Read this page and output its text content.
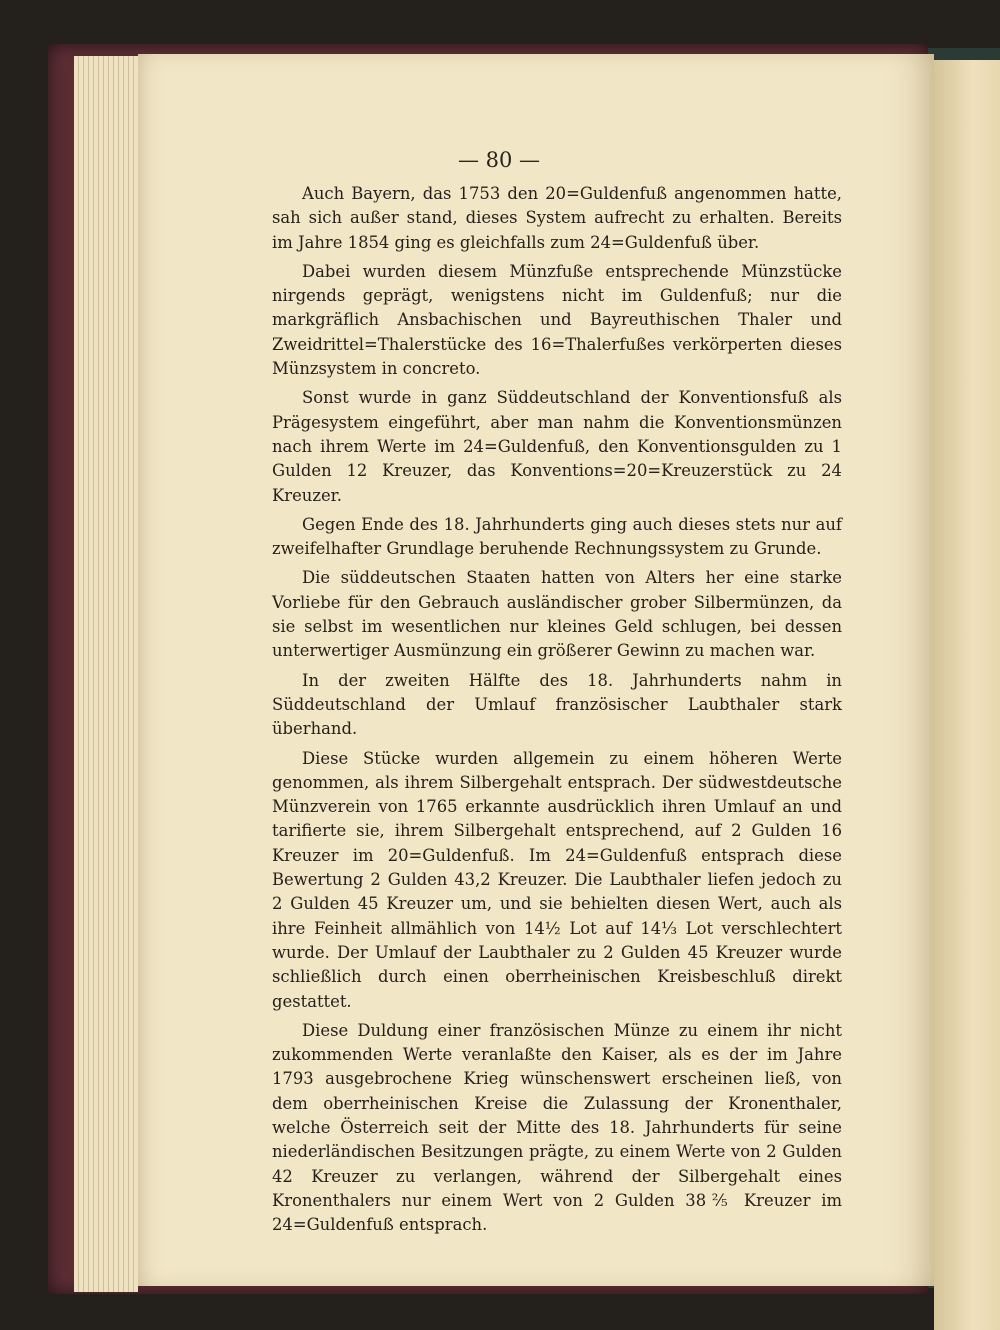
— 80 —

Auch Bayern, das 1753 den 20=Guldenfuß angenommen hatte, sah sich außer stand, dieses System aufrecht zu erhalten. Bereits im Jahre 1854 ging es gleichfalls zum 24=Guldenfuß über.

Dabei wurden diesem Münzfuße entsprechende Münzstücke nirgends geprägt, wenigstens nicht im Guldenfuß; nur die markgräflich Ansbachischen und Bayreuthischen Thaler und Zweidrittel=Thalerstücke des 16=Thalerfußes verkörperten dieses Münzsystem in concreto.

Sonst wurde in ganz Süddeutschland der Konventionsfuß als Prägesystem eingeführt, aber man nahm die Konventionsmünzen nach ihrem Werte im 24=Guldenfuß, den Konventionsgulden zu 1 Gulden 12 Kreuzer, das Konventions=20=Kreuzerstück zu 24 Kreuzer.

Gegen Ende des 18. Jahrhunderts ging auch dieses stets nur auf zweifelhafter Grundlage beruhende Rechnungssystem zu Grunde.

Die süddeutschen Staaten hatten von Alters her eine starke Vorliebe für den Gebrauch ausländischer grober Silbermünzen, da sie selbst im wesentlichen nur kleines Geld schlugen, bei dessen unterwertiger Ausmünzung ein größerer Gewinn zu machen war.

In der zweiten Hälfte des 18. Jahrhunderts nahm in Süddeutschland der Umlauf französischer Laubthaler stark überhand.

Diese Stücke wurden allgemein zu einem höheren Werte genommen, als ihrem Silbergehalt entsprach. Der südwestdeutsche Münzverein von 1765 erkannte ausdrücklich ihren Umlauf an und tarifierte sie, ihrem Silbergehalt entsprechend, auf 2 Gulden 16 Kreuzer im 20=Guldenfuß. Im 24=Guldenfuß entsprach diese Bewertung 2 Gulden 43,2 Kreuzer. Die Laubthaler liefen jedoch zu 2 Gulden 45 Kreuzer um, und sie behielten diesen Wert, auch als ihre Feinheit allmählich von 14½ Lot auf 14⅓ Lot verschlechtert wurde. Der Umlauf der Laubthaler zu 2 Gulden 45 Kreuzer wurde schließlich durch einen oberrheinischen Kreisbeschluß direkt gestattet.

Diese Duldung einer französischen Münze zu einem ihr nicht zukommenden Werte veranlaßte den Kaiser, als es der im Jahre 1793 ausgebrochene Krieg wünschenswert erscheinen ließ, von dem oberrheinischen Kreise die Zulassung der Kronenthaler, welche Österreich seit der Mitte des 18. Jahrhunderts für seine niederländischen Besitzungen prägte, zu einem Werte von 2 Gulden 42 Kreuzer zu verlangen, während der Silbergehalt eines Kronenthalers nur einem Wert von 2 Gulden 38⅖ Kreuzer im 24=Guldenfuß entsprach.
